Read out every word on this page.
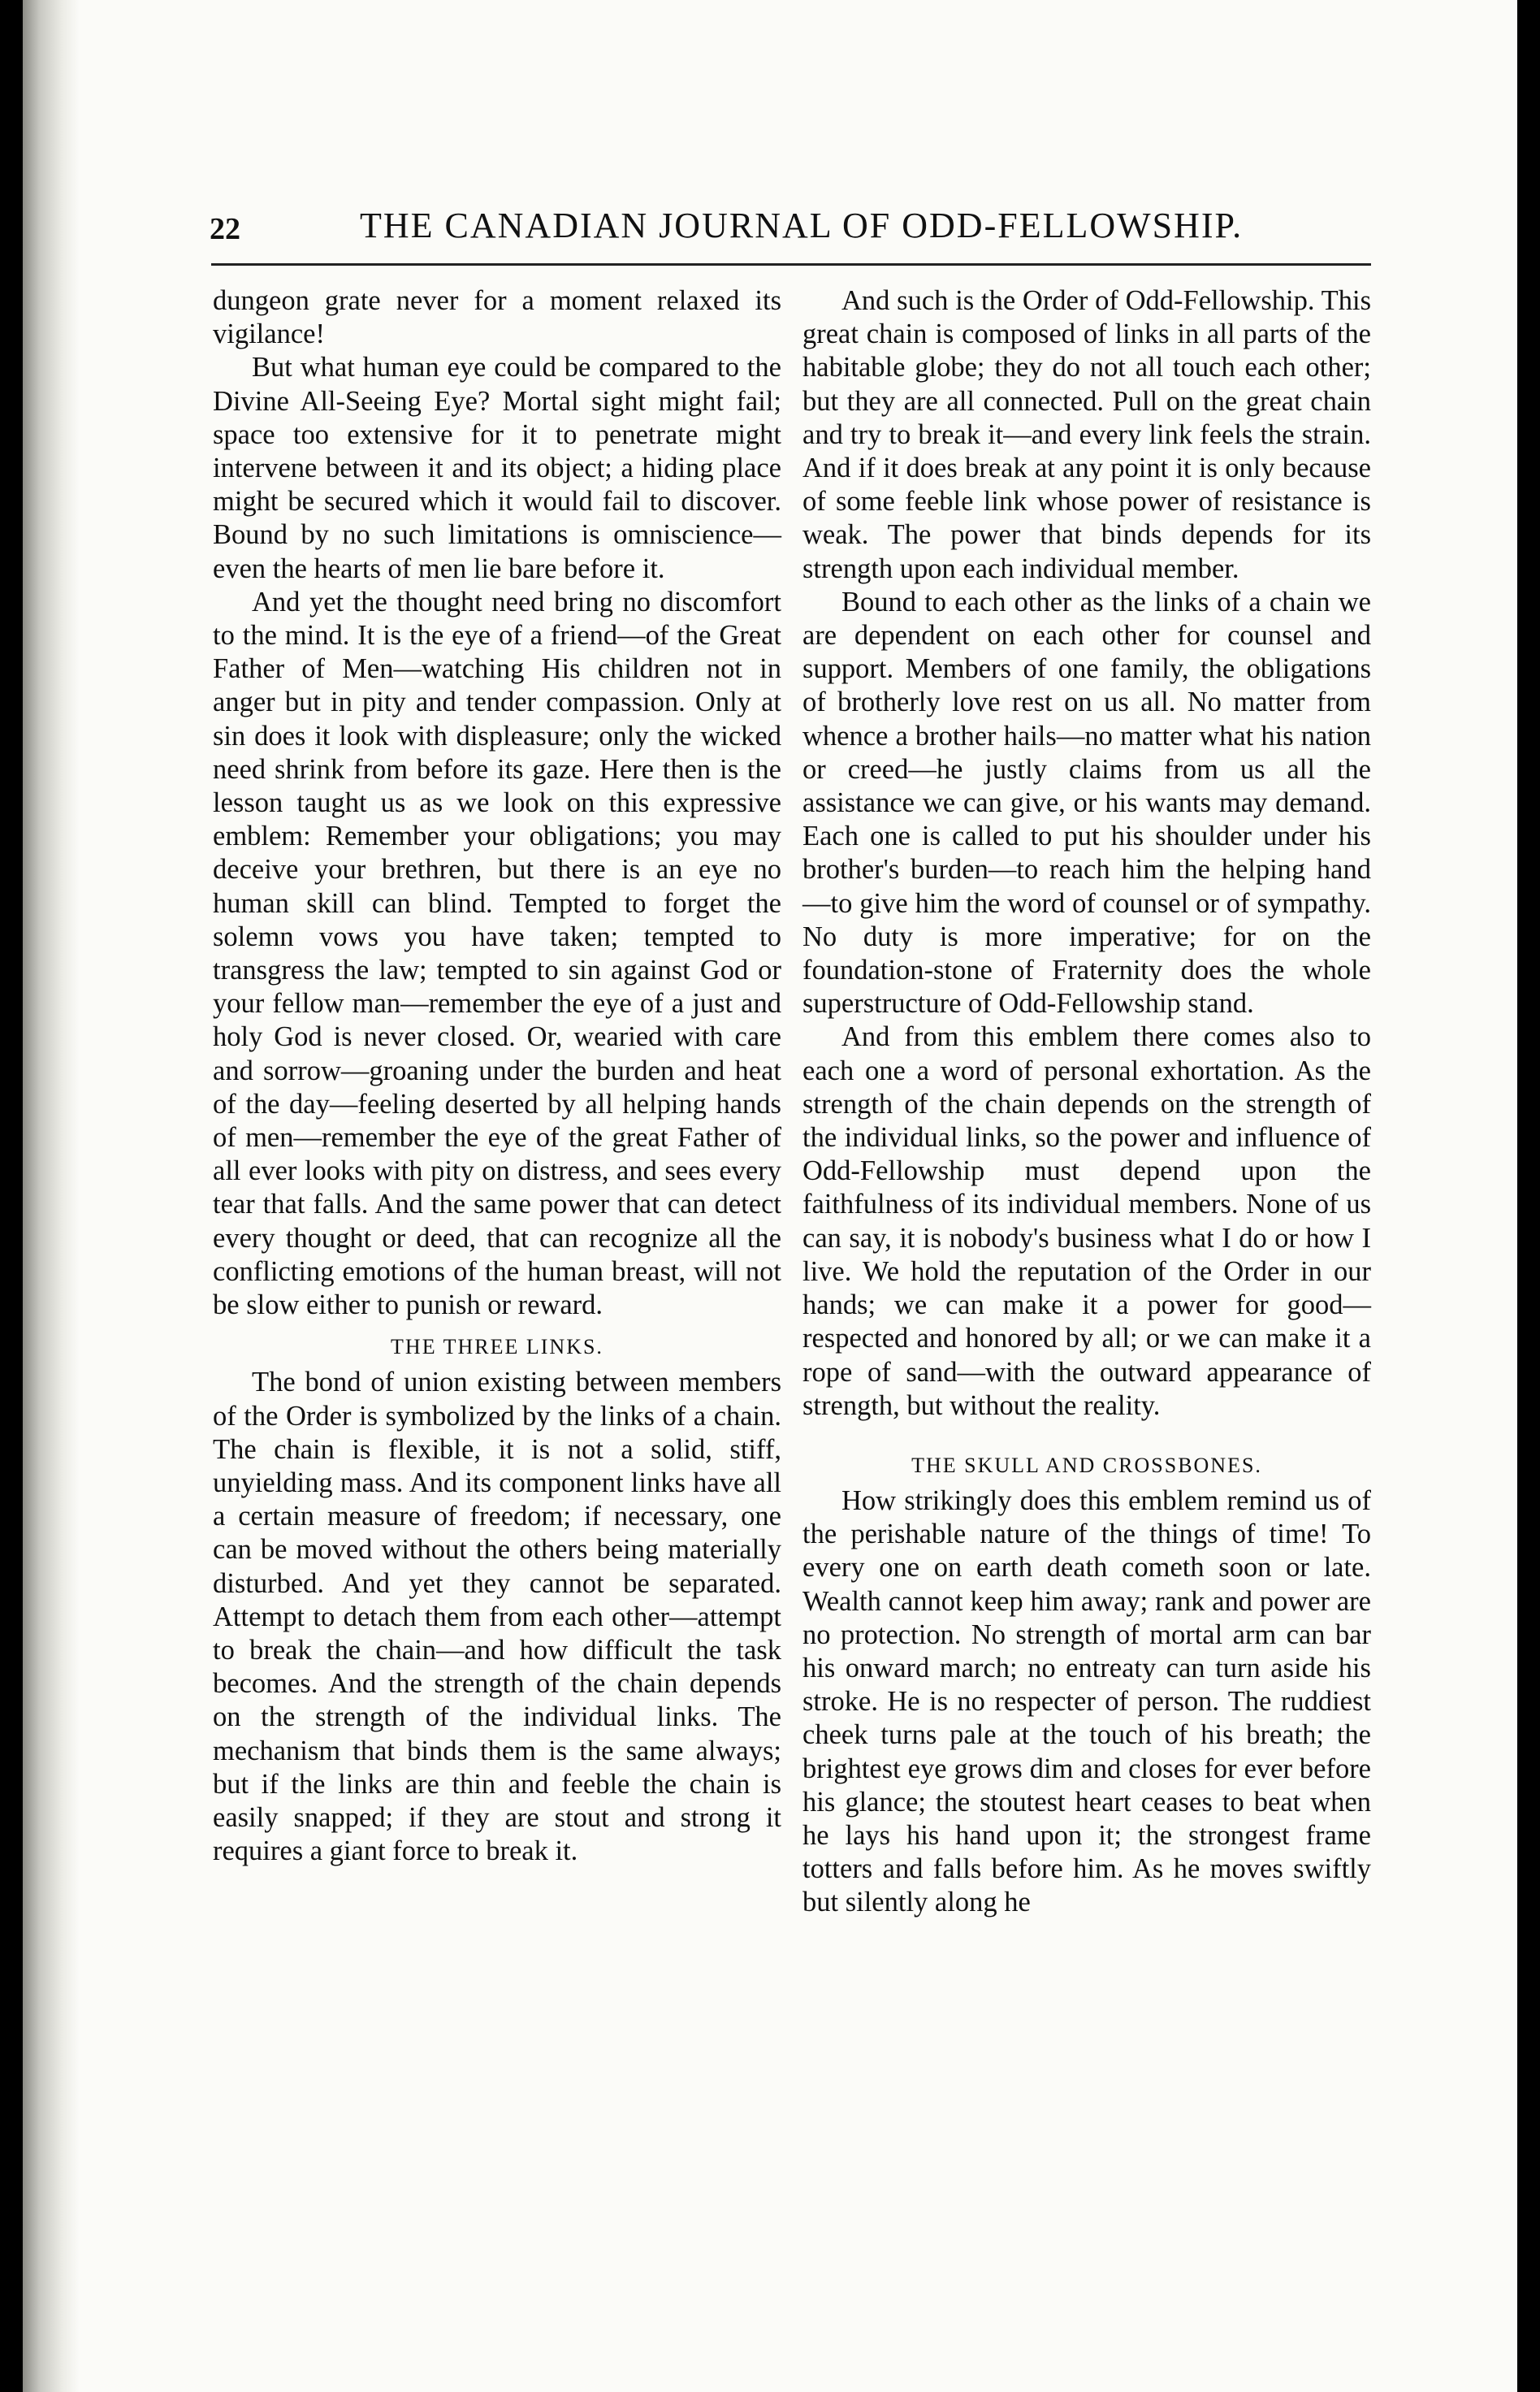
22	THE CANADIAN JOURNAL OF ODD-FELLOWSHIP.

dungeon grate never for a moment relaxed its vigilance!

But what human eye could be compared to the Divine All-Seeing Eye? Mortal sight might fail; space too extensive for it to penetrate might intervene between it and its object; a hiding place might be secured which it would fail to discover. Bound by no such limitations is omniscience—even the hearts of men lie bare before it.

And yet the thought need bring no discomfort to the mind. It is the eye of a friend—of the Great Father of Men—watching His children not in anger but in pity and tender compassion. Only at sin does it look with displeasure; only the wicked need shrink from before its gaze. Here then is the lesson taught us as we look on this expressive emblem: Remember your obligations; you may deceive your brethren, but there is an eye no human skill can blind. Tempted to forget the solemn vows you have taken; tempted to transgress the law; tempted to sin against God or your fellow man—remember the eye of a just and holy God is never closed. Or, wearied with care and sorrow—groaning under the burden and heat of the day—feeling deserted by all helping hands of men—remember the eye of the great Father of all ever looks with pity on distress, and sees every tear that falls. And the same power that can detect every thought or deed, that can recognize all the conflicting emotions of the human breast, will not be slow either to punish or reward.

THE THREE LINKS.

The bond of union existing between members of the Order is symbolized by the links of a chain. The chain is flexible, it is not a solid, stiff, unyielding mass. And its component links have all a certain measure of freedom; if necessary, one can be moved without the others being materially disturbed. And yet they cannot be separated. Attempt to detach them from each other—attempt to break the chain—and how difficult the task becomes. And the strength of the chain depends on the strength of the individual links. The mechanism that binds them is the same always; but if the links are thin and feeble the chain is easily snapped; if they are stout and strong it requires a giant force to break it.

And such is the Order of Odd-Fellowship. This great chain is composed of links in all parts of the habitable globe; they do not all touch each other; but they are all connected. Pull on the great chain and try to break it—and every link feels the strain. And if it does break at any point it is only because of some feeble link whose power of resistance is weak. The power that binds depends for its strength upon each individual member.

Bound to each other as the links of a chain we are dependent on each other for counsel and support. Members of one family, the obligations of brotherly love rest on us all. No matter from whence a brother hails—no matter what his nation or creed—he justly claims from us all the assistance we can give, or his wants may demand. Each one is called to put his shoulder under his brother's burden—to reach him the helping hand—to give him the word of counsel or of sympathy. No duty is more imperative; for on the foundation-stone of Fraternity does the whole superstructure of Odd-Fellowship stand.

And from this emblem there comes also to each one a word of personal exhortation. As the strength of the chain depends on the strength of the individual links, so the power and influence of Odd-Fellowship must depend upon the faithfulness of its individual members. None of us can say, it is nobody's business what I do or how I live. We hold the reputation of the Order in our hands; we can make it a power for good—respected and honored by all; or we can make it a rope of sand—with the outward appearance of strength, but without the reality.

THE SKULL AND CROSSBONES.

How strikingly does this emblem remind us of the perishable nature of the things of time! To every one on earth death cometh soon or late. Wealth cannot keep him away; rank and power are no protection. No strength of mortal arm can bar his onward march; no entreaty can turn aside his stroke. He is no respecter of person. The ruddiest cheek turns pale at the touch of his breath; the brightest eye grows dim and closes for ever before his glance; the stoutest heart ceases to beat when he lays his hand upon it; the strongest frame totters and falls before him. As he moves swiftly but silently along he
